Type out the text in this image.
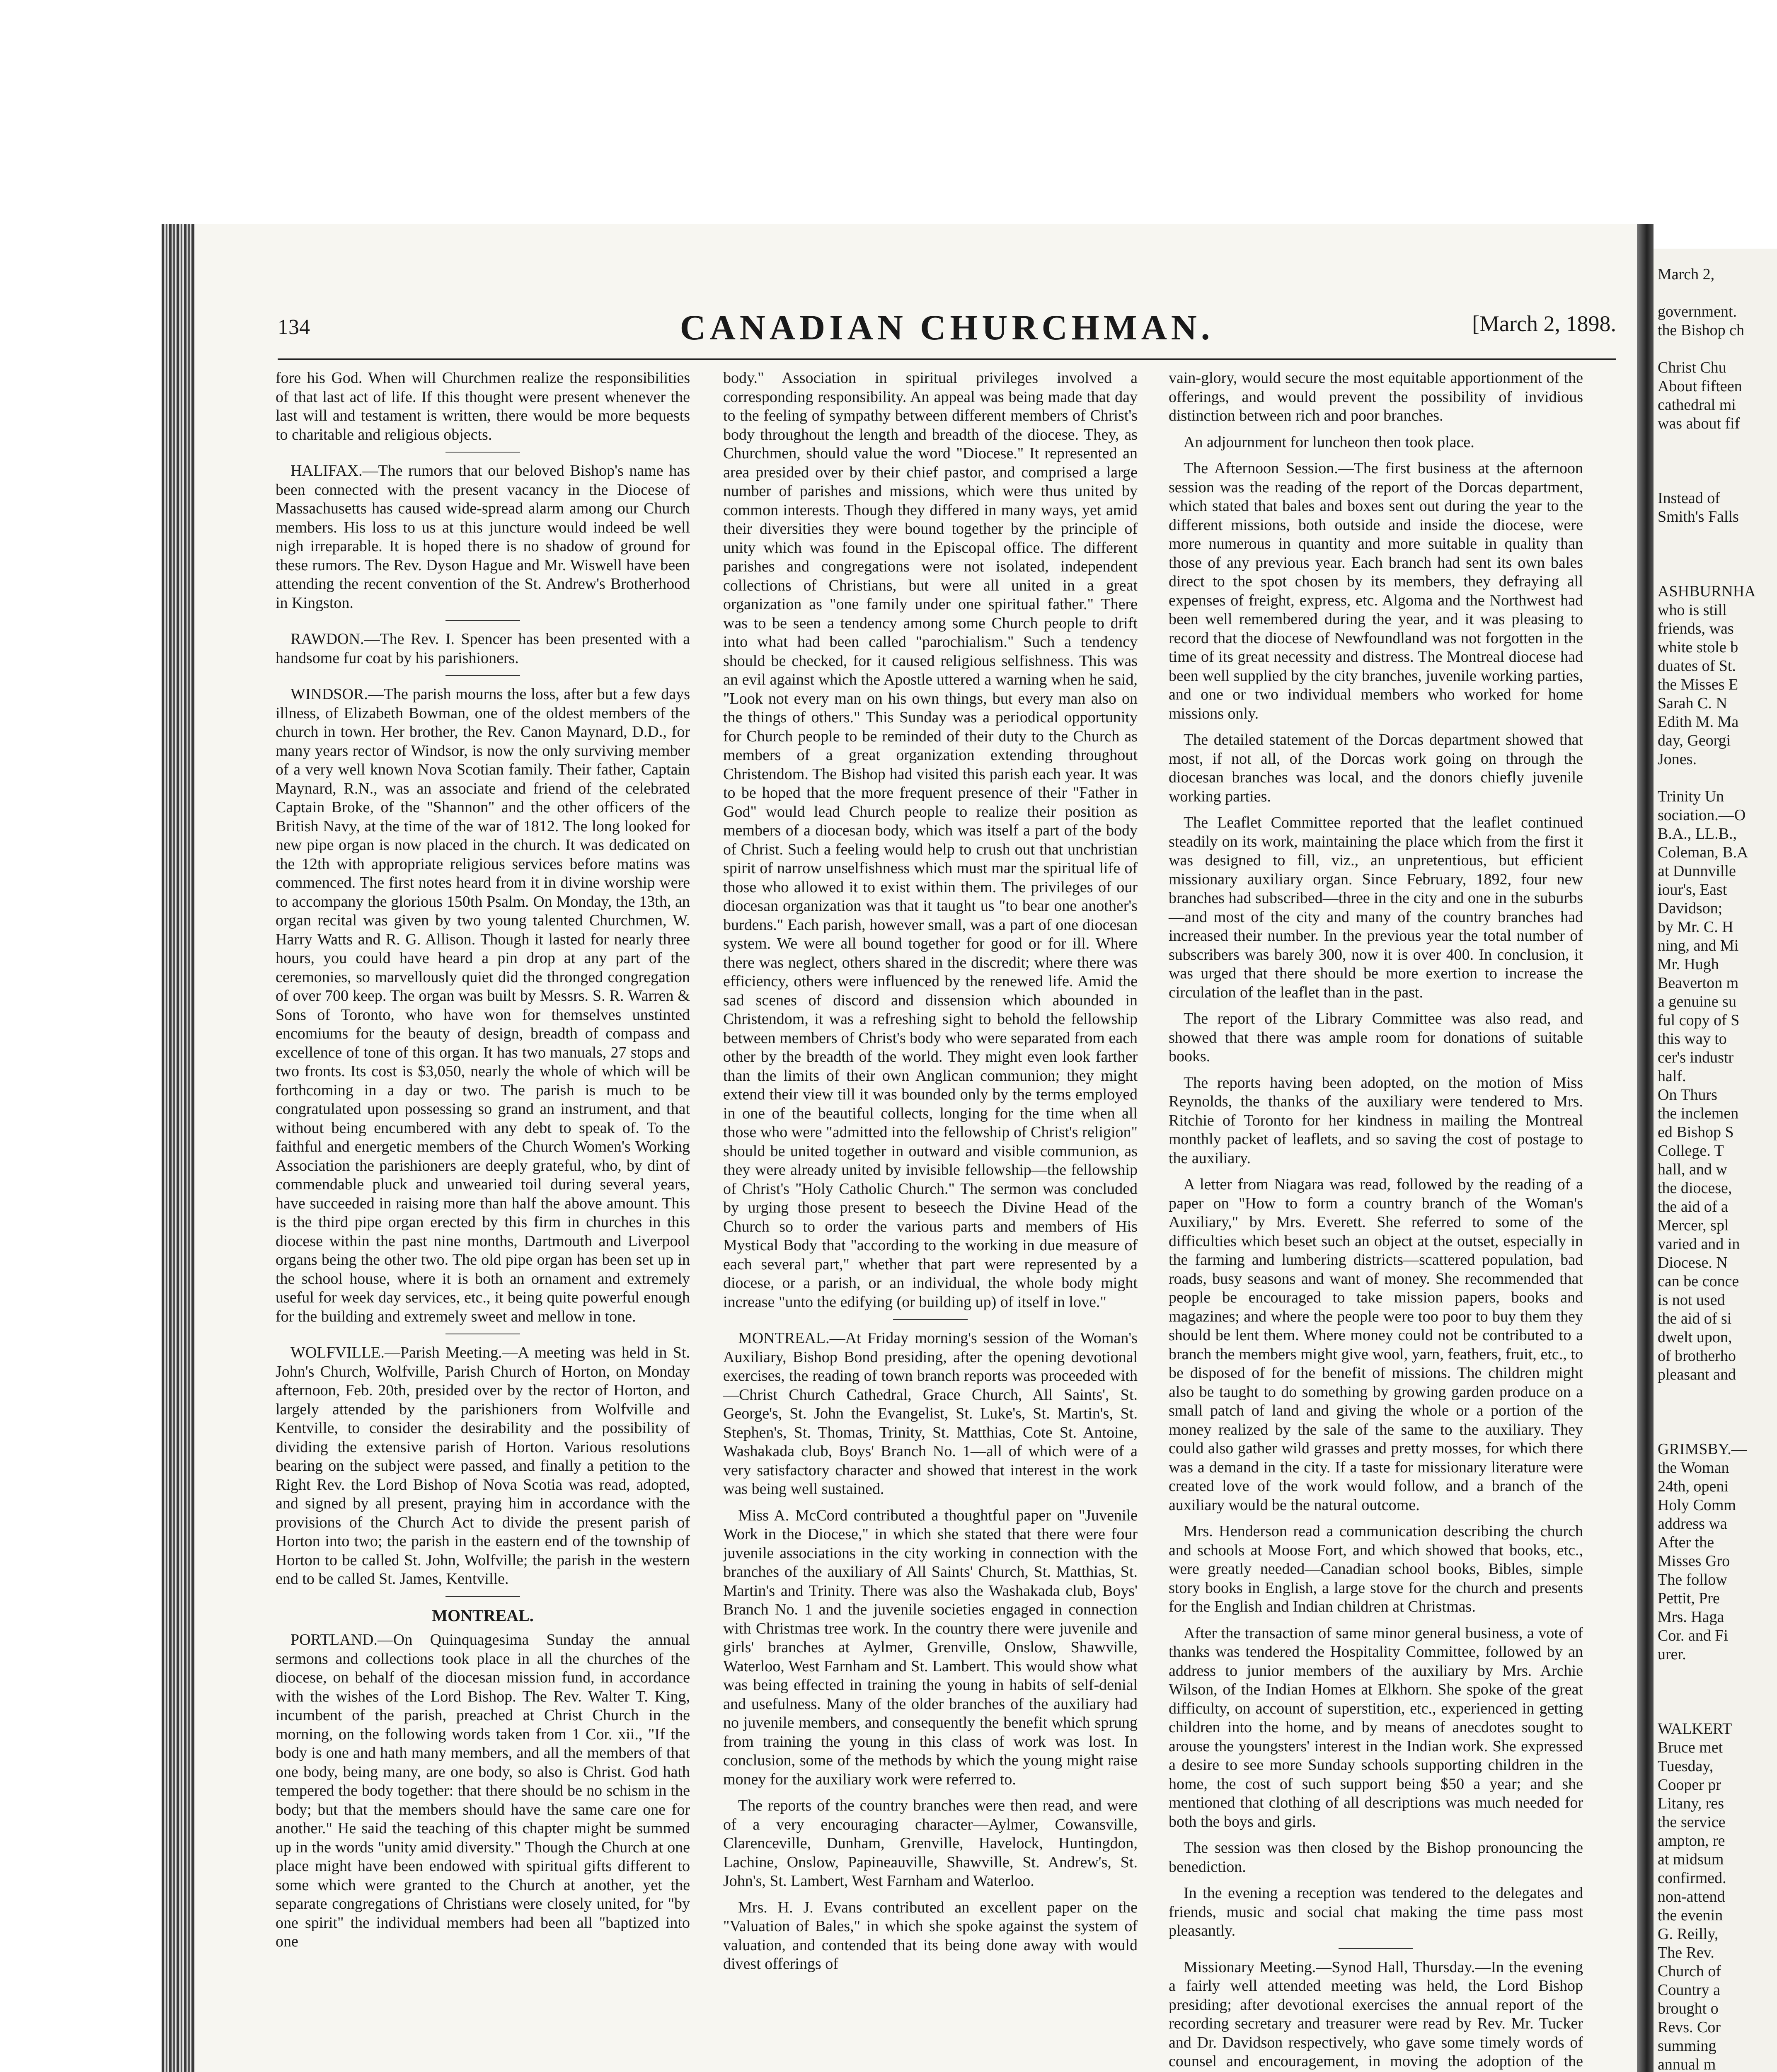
134	CANADIAN CHURCHMAN.	[March 2, 1898.

fore his God. When will Churchmen realize the responsibilities of that last act of life. If this thought were present whenever the last will and testament is written, there would be more bequests to charitable and religious objects.

HALIFAX.—The rumors that our beloved Bishop's name has been connected with the present vacancy in the Diocese of Massachusetts has caused wide-spread alarm among our Church members. His loss to us at this juncture would indeed be well nigh irreparable. It is hoped there is no shadow of ground for these rumors. The Rev. Dyson Hague and Mr. Wiswell have been attending the recent convention of the St. Andrew's Brotherhood in Kingston.

RAWDON.—The Rev. I. Spencer has been presented with a handsome fur coat by his parishioners.

WINDSOR.—The parish mourns the loss, after but a few days illness, of Elizabeth Bowman, one of the oldest members of the church in town. Her brother, the Rev. Canon Maynard, D.D., for many years rector of Windsor, is now the only surviving member of a very well known Nova Scotian family. Their father, Captain Maynard, R.N., was an associate and friend of the celebrated Captain Broke, of the "Shannon" and the other officers of the British Navy, at the time of the war of 1812. The long looked for new pipe organ is now placed in the church. It was dedicated on the 12th with appropriate religious services before matins was commenced. The first notes heard from it in divine worship were to accompany the glorious 150th Psalm. On Monday, the 13th, an organ recital was given by two young talented Churchmen, W. Harry Watts and R. G. Allison. Though it lasted for nearly three hours, you could have heard a pin drop at any part of the ceremonies, so marvellously quiet did the thronged congregation of over 700 keep. The organ was built by Messrs. S. R. Warren & Sons of Toronto, who have won for themselves unstinted encomiums for the beauty of design, breadth of compass and excellence of tone of this organ. It has two manuals, 27 stops and two fronts. Its cost is $3,050, nearly the whole of which will be forthcoming in a day or two. The parish is much to be congratulated upon possessing so grand an instrument, and that without being encumbered with any debt to speak of. To the faithful and energetic members of the Church Women's Working Association the parishioners are deeply grateful, who, by dint of commendable pluck and unwearied toil during several years, have succeeded in raising more than half the above amount. This is the third pipe organ erected by this firm in churches in this diocese within the past nine months, Dartmouth and Liverpool organs being the other two. The old pipe organ has been set up in the school house, where it is both an ornament and extremely useful for week day services, etc., it being quite powerful enough for the building and extremely sweet and mellow in tone.

WOLFVILLE.—Parish Meeting.—A meeting was held in St. John's Church, Wolfville, Parish Church of Horton, on Monday afternoon, Feb. 20th, presided over by the rector of Horton, and largely attended by the parishioners from Wolfville and Kentville, to consider the desirability and the possibility of dividing the extensive parish of Horton. Various resolutions bearing on the subject were passed, and finally a petition to the Right Rev. the Lord Bishop of Nova Scotia was read, adopted, and signed by all present, praying him in accordance with the provisions of the Church Act to divide the present parish of Horton into two; the parish in the eastern end of the township of Horton to be called St. John, Wolfville; the parish in the western end to be called St. James, Kentville.

MONTREAL.

PORTLAND.—On Quinquagesima Sunday the annual sermons and collections took place in all the churches of the diocese, on behalf of the diocesan mission fund, in accordance with the wishes of the Lord Bishop. The Rev. Walter T. King, incumbent of the parish, preached at Christ Church in the morning, on the following words taken from 1 Cor. xii., "If the body is one and hath many members, and all the members of that one body, being many, are one body, so also is Christ. God hath tempered the body together: that there should be no schism in the body; but that the members should have the same care one for another." He said the teaching of this chapter might be summed up in the words "unity amid diversity." Though the Church at one place might have been endowed with spiritual gifts different to some which were granted to the Church at another, yet the separate congregations of Christians were closely united, for "by one spirit" the individual members had been all "baptized into one

body." Association in spiritual privileges involved a corresponding responsibility. An appeal was being made that day to the feeling of sympathy between different members of Christ's body throughout the length and breadth of the diocese. They, as Churchmen, should value the word "Diocese." It represented an area presided over by their chief pastor, and comprised a large number of parishes and missions, which were thus united by common interests. Though they differed in many ways, yet amid their diversities they were bound together by the principle of unity which was found in the Episcopal office. The different parishes and congregations were not isolated, independent collections of Christians, but were all united in a great organization as "one family under one spiritual father." There was to be seen a tendency among some Church people to drift into what had been called "parochialism." Such a tendency should be checked, for it caused religious selfishness. This was an evil against which the Apostle uttered a warning when he said, "Look not every man on his own things, but every man also on the things of others." This Sunday was a periodical opportunity for Church people to be reminded of their duty to the Church as members of a great organization extending throughout Christendom. The Bishop had visited this parish each year. It was to be hoped that the more frequent presence of their "Father in God" would lead Church people to realize their position as members of a diocesan body, which was itself a part of the body of Christ. Such a feeling would help to crush out that unchristian spirit of narrow unselfishness which must mar the spiritual life of those who allowed it to exist within them. The privileges of our diocesan organization was that it taught us "to bear one another's burdens." Each parish, however small, was a part of one diocesan system. We were all bound together for good or for ill. Where there was neglect, others shared in the discredit; where there was efficiency, others were influenced by the renewed life. Amid the sad scenes of discord and dissension which abounded in Christendom, it was a refreshing sight to behold the fellowship between members of Christ's body who were separated from each other by the breadth of the world. They might even look farther than the limits of their own Anglican communion; they might extend their view till it was bounded only by the terms employed in one of the beautiful collects, longing for the time when all those who were "admitted into the fellowship of Christ's religion" should be united together in outward and visible communion, as they were already united by invisible fellowship—the fellowship of Christ's "Holy Catholic Church." The sermon was concluded by urging those present to beseech the Divine Head of the Church so to order the various parts and members of His Mystical Body that "according to the working in due measure of each several part," whether that part were represented by a diocese, or a parish, or an individual, the whole body might increase "unto the edifying (or building up) of itself in love."

MONTREAL.—At Friday morning's session of the Woman's Auxiliary, Bishop Bond presiding, after the opening devotional exercises, the reading of town branch reports was proceeded with—Christ Church Cathedral, Grace Church, All Saints', St. George's, St. John the Evangelist, St. Luke's, St. Martin's, St. Stephen's, St. Thomas, Trinity, St. Matthias, Cote St. Antoine, Washakada club, Boys' Branch No. 1—all of which were of a very satisfactory character and showed that interest in the work was being well sustained.

Miss A. McCord contributed a thoughtful paper on "Juvenile Work in the Diocese," in which she stated that there were four juvenile associations in the city working in connection with the branches of the auxiliary of All Saints' Church, St. Matthias, St. Martin's and Trinity. There was also the Washakada club, Boys' Branch No. 1 and the juvenile societies engaged in connection with Christmas tree work. In the country there were juvenile and girls' branches at Aylmer, Grenville, Onslow, Shawville, Waterloo, West Farnham and St. Lambert. This would show what was being effected in training the young in habits of self-denial and usefulness. Many of the older branches of the auxiliary had no juvenile members, and consequently the benefit which sprung from training the young in this class of work was lost. In conclusion, some of the methods by which the young might raise money for the auxiliary work were referred to.

The reports of the country branches were then read, and were of a very encouraging character—Aylmer, Cowansville, Clarenceville, Dunham, Grenville, Havelock, Huntingdon, Lachine, Onslow, Papineauville, Shawville, St. Andrew's, St. John's, St. Lambert, West Farnham and Waterloo.

Mrs. H. J. Evans contributed an excellent paper on the "Valuation of Bales," in which she spoke against the system of valuation, and contended that its being done away with would divest offerings of

vain-glory, would secure the most equitable apportionment of the offerings, and would prevent the possibility of invidious distinction between rich and poor branches.

An adjournment for luncheon then took place.

The Afternoon Session.—The first business at the afternoon session was the reading of the report of the Dorcas department, which stated that bales and boxes sent out during the year to the different missions, both outside and inside the diocese, were more numerous in quantity and more suitable in quality than those of any previous year. Each branch had sent its own bales direct to the spot chosen by its members, they defraying all expenses of freight, express, etc. Algoma and the Northwest had been well remembered during the year, and it was pleasing to record that the diocese of Newfoundland was not forgotten in the time of its great necessity and distress. The Montreal diocese had been well supplied by the city branches, juvenile working parties, and one or two individual members who worked for home missions only.

The detailed statement of the Dorcas department showed that most, if not all, of the Dorcas work going on through the diocesan branches was local, and the donors chiefly juvenile working parties.

The Leaflet Committee reported that the leaflet continued steadily on its work, maintaining the place which from the first it was designed to fill, viz., an unpretentious, but efficient missionary auxiliary organ. Since February, 1892, four new branches had subscribed—three in the city and one in the suburbs—and most of the city and many of the country branches had increased their number. In the previous year the total number of subscribers was barely 300, now it is over 400. In conclusion, it was urged that there should be more exertion to increase the circulation of the leaflet than in the past.

The report of the Library Committee was also read, and showed that there was ample room for donations of suitable books.

The reports having been adopted, on the motion of Miss Reynolds, the thanks of the auxiliary were tendered to Mrs. Ritchie of Toronto for her kindness in mailing the Montreal monthly packet of leaflets, and so saving the cost of postage to the auxiliary.

A letter from Niagara was read, followed by the reading of a paper on "How to form a country branch of the Woman's Auxiliary," by Mrs. Everett. She referred to some of the difficulties which beset such an object at the outset, especially in the farming and lumbering districts—scattered population, bad roads, busy seasons and want of money. She recommended that people be encouraged to take mission papers, books and magazines; and where the people were too poor to buy them they should be lent them. Where money could not be contributed to a branch the members might give wool, yarn, feathers, fruit, etc., to be disposed of for the benefit of missions. The children might also be taught to do something by growing garden produce on a small patch of land and giving the whole or a portion of the money realized by the sale of the same to the auxiliary. They could also gather wild grasses and pretty mosses, for which there was a demand in the city. If a taste for missionary literature were created love of the work would follow, and a branch of the auxiliary would be the natural outcome.

Mrs. Henderson read a communication describing the church and schools at Moose Fort, and which showed that books, etc., were greatly needed—Canadian school books, Bibles, simple story books in English, a large stove for the church and presents for the English and Indian children at Christmas.

After the transaction of same minor general business, a vote of thanks was tendered the Hospitality Committee, followed by an address to junior members of the auxiliary by Mrs. Archie Wilson, of the Indian Homes at Elkhorn. She spoke of the great difficulty, on account of superstition, etc., experienced in getting children into the home, and by means of anecdotes sought to arouse the youngsters' interest in the Indian work. She expressed a desire to see more Sunday schools supporting children in the home, the cost of such support being $50 a year; and she mentioned that clothing of all descriptions was much needed for both the boys and girls.

The session was then closed by the Bishop pronouncing the benediction.

In the evening a reception was tendered to the delegates and friends, music and social chat making the time pass most pleasantly.

Missionary Meeting.—Synod Hall, Thursday.—In the evening a fairly well attended meeting was held, the Lord Bishop presiding; after devotional exercises the annual report of the recording secretary and treasurer were read by Rev. Mr. Tucker and Dr. Davidson respectively, who gave some timely words of counsel and encouragement, in moving the adoption of the

March 2,

government.
the Bishop ch

Christ Chu
About fifteen
cathedral mi
was about fif

Instead of
Smith's Falls

ASHBURNHA
who is still
friends, was
white stole b
duates of St.
the Misses E
Sarah C. N
Edith M. Ma
day, Georgi
Jones.

Trinity Un
sociation.—O
B.A., LL.B.,
Coleman, B.A
at Dunnville
iour's, East
Davidson;
by Mr. C. H
ning, and Mi
Mr. Hugh
Beaverton m
a genuine su
ful copy of S
this way to
cer's industr
half.
On Thurs
the inclemen
ed Bishop S
College. T
hall, and w
the diocese,
the aid of a
Mercer, spl
varied and in
Diocese. N
can be conce
is not used
the aid of si
dwelt upon,
of brotherho
pleasant and

GRIMSBY.—
the Woman
24th, openi
Holy Comm
address wa
After the
Misses Gro
The follow
Pettit, Pre
Mrs. Haga
Cor. and Fi
urer.

WALKERT
Bruce met
Tuesday,
Cooper pr
Litany, res
the service
ampton, re
at midsum
confirmed.
non-attend
the evenin
G. Reilly,
The Rev.
Church of
Country a
brought o
Revs. Cor
summing
annual m
